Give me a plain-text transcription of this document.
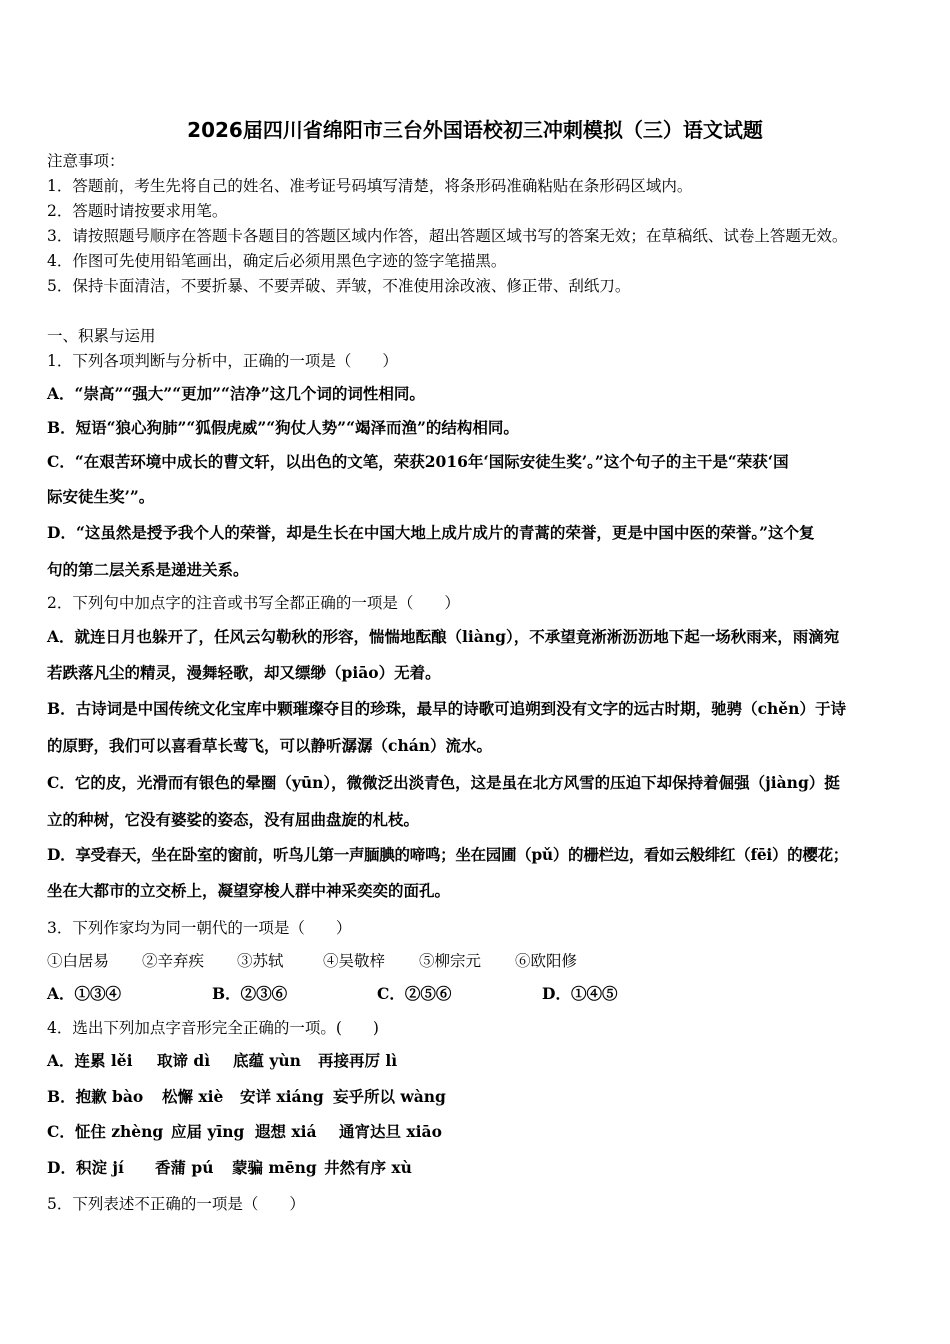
2026届四川省绵阳市三台外国语校初三冲刺模拟（三）语文试题
注意事项：
1．答题前，考生先将自己的姓名、准考证号码填写清楚，将条形码准确粘贴在条形码区域内。
2．答题时请按要求用笔。
3．请按照题号顺序在答题卡各题目的答题区域内作答，超出答题区域书写的答案无效；在草稿纸、试卷上答题无效。
4．作图可先使用铅笔画出，确定后必须用黑色字迹的签字笔描黑。
5．保持卡面清洁，不要折暴、不要弄破、弄皱，不准使用涂改液、修正带、刮纸刀。
一、积累与运用
1．下列各项判断与分析中，正确的一项是（　　）
A．“崇高”“强大”“更加”“洁净”这几个词的词性相同。
B．短语“狼心狗肺”“狐假虎威”“狗仗人势”“竭泽而渔”的结构相同。
C．“在艰苦环境中成长的曹文轩，以出色的文笔，荣获2016年‘国际安徒生奖’。”这个句子的主干是“荣获‘国
际安徒生奖’”。
D．“这虽然是授予我个人的荣誉，却是生长在中国大地上成片成片的青蒿的荣誉，更是中国中医的荣誉。”这个复
句的第二层关系是递进关系。
2．下列句中加点字的注音或书写全都正确的一项是（　　）
A．就连日月也躲开了，任风云勾勒秋的形容，惴惴地酝酿（liàng），不承望竟淅淅沥沥地下起一场秋雨来，雨滴宛
若跌落凡尘的精灵，漫舞轻歌，却又缥缈（piāo）无着。
B．古诗词是中国传统文化宝库中颗璀璨夺目的珍珠，最早的诗歌可追朔到没有文字的远古时期，驰骋（chěn）于诗
的原野，我们可以喜看草长莺飞，可以静听潺潺（chán）流水。
C．它的皮，光滑而有银色的晕圈（yūn），微微泛出淡青色，这是虽在北方风雪的压迫下却保持着倔强（jiàng）挺
立的种树，它没有婆娑的姿态，没有屈曲盘旋的札枝。
D．享受春天，坐在卧室的窗前，听鸟儿第一声腼腆的啼鸣；坐在园圃（pǔ）的栅栏边，看如云般绯红（fēi）的樱花；
坐在大都市的立交桥上，凝望穿梭人群中神采奕奕的面孔。
3．下列作家均为同一朝代的一项是（　　）
①白居易 ②辛弃疾 ③苏轼	④吴敬梓 ⑤柳宗元 ⑥欧阳修
A．①③④	B．②③⑥	C．②⑤⑥	D．①④⑤
4．选出下列加点字音形完全正确的一项。(　　)
A．连累 lěi 取谛 dì 底蕴 yùn 再接再厉 lì
B．抱歉 bào 松懈 xiè 安详 xiáng 妄乎所以 wàng
C．怔住 zhèng 应届 yīng 遐想 xiá 通宵达旦 xiāo
D．积淀 jí 香蒲 pú 蒙骗 mēng 井然有序 xù
5．下列表述不正确的一项是（　　）
